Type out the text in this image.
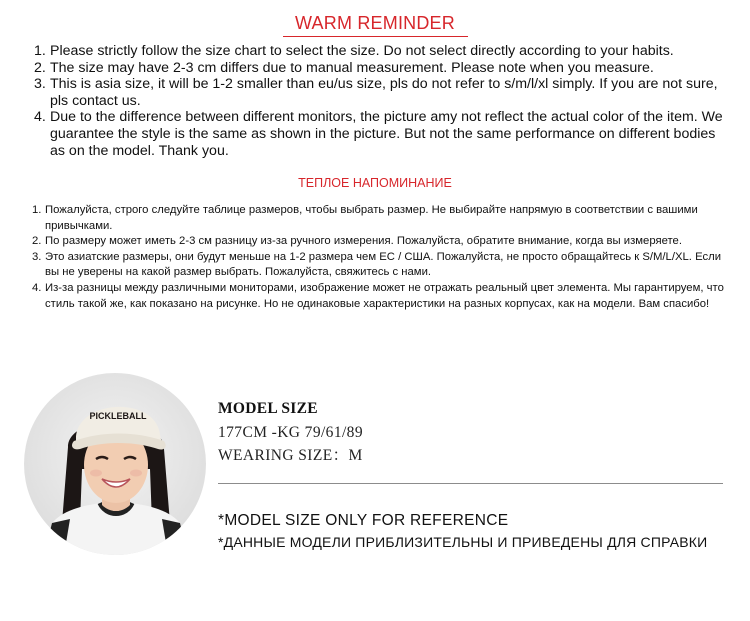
WARM REMINDER
1. Please strictly follow the size chart to select the size. Do not select directly according to your habits.
2. The size may have 2-3 cm differs due to manual measurement. Please note when you measure.
3. This is asia size, it will be 1-2 smaller than eu/us size, pls do not refer to s/m/l/xl simply. If you are not sure, pls contact us.
4. Due to the difference between different monitors, the picture amy not reflect the actual color of the item. We guarantee the style is the same as shown in the picture. But not the same performance on different bodies as on the model. Thank you.
ТЕПЛОЕ НАПОМИНАНИЕ
1. Пожалуйста, строго следуйте таблице размеров, чтобы выбрать размер. Не выбирайте напрямую в соответствии с вашими привычками.
2. По размеру может иметь 2-3 см разницу из-за ручного измерения. Пожалуйста, обратите внимание, когда вы измеряете.
3. Это азиатские размеры, они будут меньше на 1-2 размера чем ЕС / США. Пожалуйста, не просто обращайтесь к S/M/L/XL. Если вы не уверены на какой размер выбрать. Пожалуйста, свяжитесь с нами.
4. Из-за разницы между различными мониторами, изображение может не отражать реальный цвет элемента. Мы гарантируем, что стиль такой же, как показано на рисунке. Но не одинаковые характеристики на разных корпусах, как на модели. Вам спасибо!
PICKLEBALL	MODEL SIZE
177CM -KG 79/61/89
WEARING SIZE：M
*MODEL SIZE ONLY FOR REFERENCE
*ДАННЫЕ МОДЕЛИ ПРИБЛИЗИТЕЛЬНЫ И ПРИВЕДЕНЫ ДЛЯ СПРАВКИ
